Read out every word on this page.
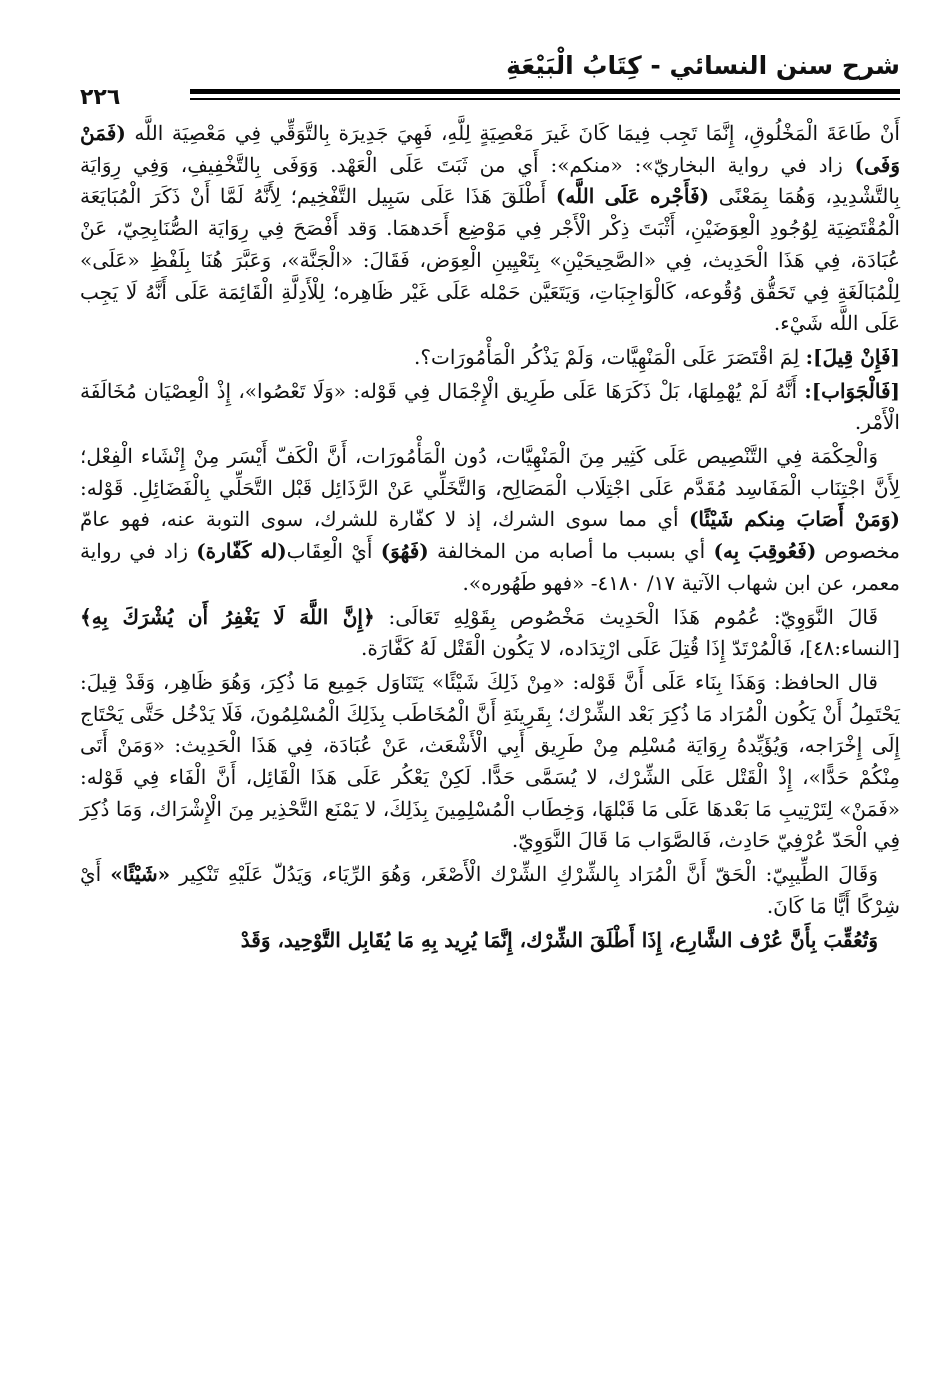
شرح سنن النسائي - كِتَابُ الْبَيْعَةِ
٢٢٦

أَنْ طَاعَةَ الْمَخْلُوقِ، إِنَّمَا تَجِب فِيمَا كَانَ غَيرَ مَعْصِيَةٍ لِلَّهِ، فَهِيَ جَدِيرَة بِالتَّوَقِّي فِي مَعْصِيَة اللَّه (فَمَنْ وَفَى) زاد في رواية البخاريّ»: «منكم»: أَي من ثَبَتَ عَلَى الْعَهْد. وَوَفَى بِالتَّخْفِيفِ، وَفِي رِوَايَة بِالتَّشْدِيدِ، وَهُمَا بِمَعْنًى (فَأَجْره عَلَى اللَّه) أَطْلَقَ هَذَا عَلَى سَبِيل التَّفْخِيم؛ لِأَنَّهُ لَمَّا أَنْ ذَكَرَ الْمُبَايَعَة الْمُقْتَضِيَة لِوُجُودِ الْعِوَضَيْنِ، أَثْبَتَ ذِكْر الْأَجْر فِي مَوْضِع أَحَدهمَا. وَقد أَفْصَحَ فِي رِوَايَة الصُّنَابِحِيّ، عَنْ عُبَادَة، فِي هَذَا الْحَدِيث، فِي «الصَّحِيحَيْنِ» بِتَعْيِينِ الْعِوَض، فَقَالَ: «الْجَنَّة»، وَعَبَّرَ هُنَا بِلَفْظِ «عَلَى» لِلْمُبَالَغَةِ فِي تَحَقُّق وُقُوعه، كَالْوَاجِبَاتِ، وَيَتَعَيَّن حَمْله عَلَى غَيْر ظَاهِره؛ لِلْأَدِلَّةِ الْقَائِمَة عَلَى أَنَّهُ لَا يَجِب عَلَى اللَّه شَيْء.

[فَإِنْ قِيلَ]: لِمَ اقْتَصَرَ عَلَى الْمَنْهِيَّات، وَلَمْ يَذْكُر الْمَأْمُورَات؟.

[فَالْجَوَاب]: أَنَّهُ لَمْ يُهْمِلهَا، بَلْ ذَكَرَهَا عَلَى طَرِيق الْإِجْمَال فِي قَوْله: «وَلَا تَعْصُوا»، إِذْ الْعِصْيَان مُخَالَفَة الْأَمْر.

وَالْحِكْمَة فِي التَّنْصِيص عَلَى كَثِير مِنَ الْمَنْهِيَّات، دُون الْمَأْمُورَات، أَنَّ الْكَفّ أَيْسَر مِنْ إِنْشَاء الْفِعْل؛ لِأَنَّ اجْتِنَاب الْمَفَاسِد مُقَدَّم عَلَى اجْتِلَاب الْمَصَالِح، وَالتَّخَلِّي عَنْ الرَّذَائِل قَبْل التَّحَلِّي بِالْفَضَائِلِ. قَوْله: (وَمَنْ أَصَابَ مِنكم شَيْئًا) أي مما سوى الشرك، إذ لا كفّارة للشرك، سوى التوبة عنه، فهو عامّ مخصوص (فَعُوقِبَ بِه) أي بسبب ما أصابه من المخالفة (فَهُوَ) أَيْ الْعِقَاب(له كَفّارة) زاد في رواية معمر، عن ابن شهاب الآتية ١٧/ ٤١٨٠- «فهو طَهُوره».

قَالَ النَّوَوِيّ: عُمُوم هَذَا الْحَدِيث مَخْصُوص بِقَوْلِهِ تَعَالَى: ﴿إِنَّ اللَّهَ لَا يَغْفِرُ أَن يُشْرَكَ بِهِ﴾ [النساء:٤٨]، فَالْمُرْتَدّ إِذَا قُتِلَ عَلَى ارْتِدَاده، لا يَكُون الْقَتْل لَهُ كَفَّارَة.

قال الحافظ: وَهَذَا بِنَاء عَلَى أَنَّ قَوْله: «مِنْ ذَلِكَ شَيْئًا» يَتَنَاوَل جَمِيع مَا ذُكِرَ، وَهُوَ ظَاهِر، وَقَدْ قِيلَ: يَحْتَمِلُ أَنْ يَكُون الْمُرَاد مَا ذُكِرَ بَعْد الشِّرْك؛ بِقَرِينَةِ أَنَّ الْمُخَاطَب بِذَلِكَ الْمُسْلِمُونَ، فَلَا يَدْخُل حَتَّى يَحْتَاج إِلَى إِخْرَاجه، وَيُؤَيِّدهُ رِوَايَة مُسْلِم مِنْ طَرِيق أَبِي الْأَشْعَث، عَنْ عُبَادَة، فِي هَذَا الْحَدِيث: «وَمَنْ أَتَى مِنْكُمْ حَدًّا»، إِذْ الْقَتْل عَلَى الشِّرْك، لا يُسَمَّى حَدًّا. لَكِنْ يَعْكُر عَلَى هَذَا الْقَائِل، أَنَّ الْفَاء فِي قَوْله: «فَمَنْ» لِتَرْتِيبِ مَا بَعْدهَا عَلَى مَا قَبْلهَا، وَخِطَاب الْمُسْلِمِينَ بِذَلِكَ، لا يَمْنَع التَّحْذِير مِنَ الْإِشْرَاك، وَمَا ذُكِرَ فِي الْحَدّ عُرْفِيّ حَادِث، فَالصَّوَاب مَا قَالَ النَّوَوِيّ.

وَقَالَ الطِّيبِيّ: الْحَقّ أَنَّ الْمُرَاد بِالشِّرْكِ الشِّرْك الْأَصْغَر، وَهُوَ الرِّيَاء، وَيَدُلّ عَلَيْهِ تَنْكِير «شَيْئًا» أَيْ شِرْكًا أَيًّا مَا كَانَ.

وَتُعُقِّبَ بِأَنَّ عُرْف الشَّارِع، إِذَا أَطْلَقَ الشِّرْك، إِنَّمَا يُرِيد بِهِ مَا يُقَابِل التَّوْحِيد، وَقَدْ
